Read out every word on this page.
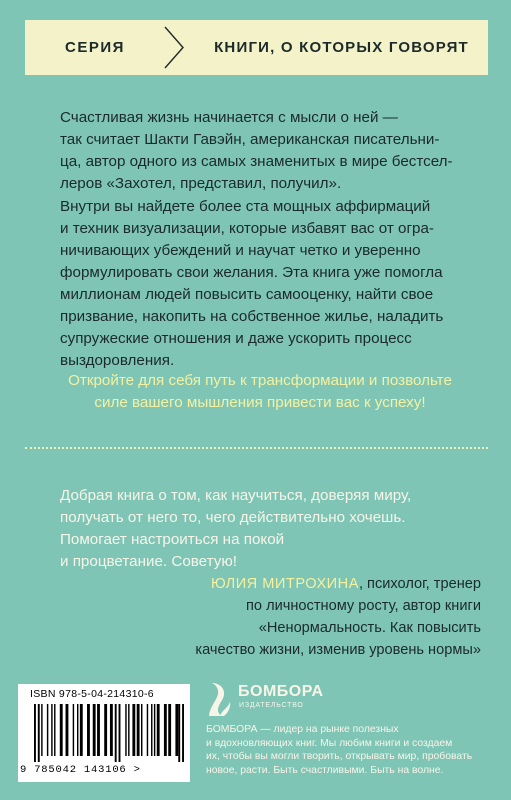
СЕРИЯ	КНИГИ, О КОТОРЫХ ГОВОРЯТ

Счастливая жизнь начинается с мысли о ней —

так считает Шакти Гавэйн, американская писательни-

ца, автор одного из самых знаменитых в мире бестсел-

леров «Захотел, представил, получил».

Внутри вы найдете более ста мощных аффирмаций

и техник визуализации, которые избавят вас от огра-

ничивающих убеждений и научат четко и уверенно

формулировать свои желания. Эта книга уже помогла

миллионам людей повысить самооценку, найти свое

призвание, накопить на собственное жилье, наладить

супружеские отношения и даже ускорить процесс

выздоровления.

Откройте для себя путь к трансформации и позвольте

силе вашего мышления привести вас к успеху!

Добрая книга о том, как научиться, доверяя миру,

получать от него то, чего действительно хочешь.

Помогает настроиться на покой

и процветание. Советую!

ЮЛИЯ МИТРОХИНА, психолог, тренер

по личностному росту, автор книги

«Ненормальность. Как повысить

качество жизни, изменив уровень нормы»

ISBN 978-5-04-214310-6
9 785042 143106 >
БОМБОРА
ИЗДАТЕЛЬСТВО

БОМБОРА — лидер на рынке полезных

и вдохновляющих книг. Мы любим книги и создаем

их, чтобы вы могли творить, открывать мир, пробовать

новое, расти. Быть счастливыми. Быть на волне.
